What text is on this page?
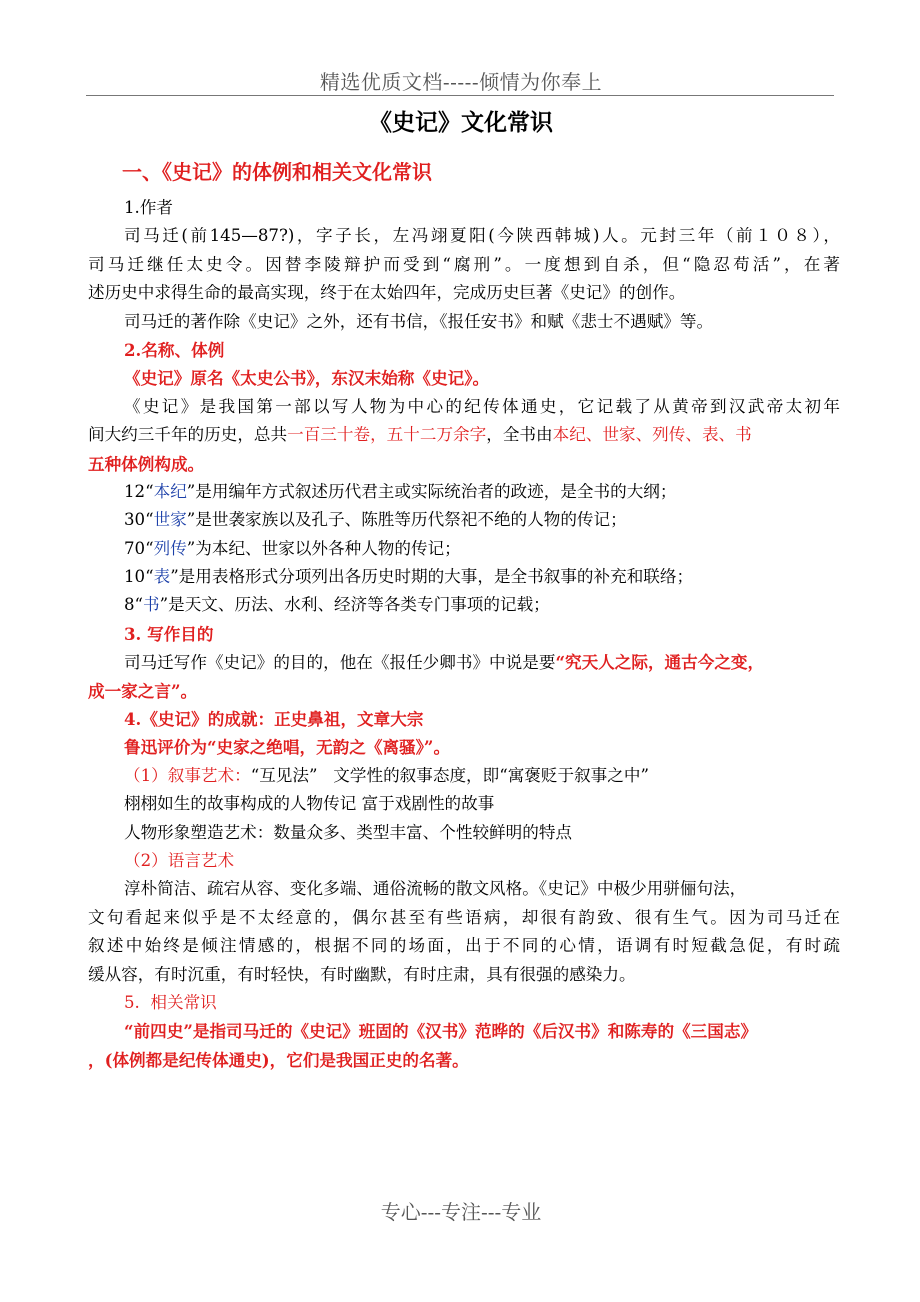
精选优质文档-----倾情为你奉上
《史记》文化常识
一、《史记》的体例和相关文化常识
1.作者
司马迁(前145—87?)，字子长，左冯翊夏阳(今陕西韩城)人。元封三年（前１０８），
司马迁继任太史令。因替李陵辩护而受到“腐刑”。一度想到自杀，但“隐忍苟活”，在著
述历史中求得生命的最高实现，终于在太始四年，完成历史巨著《史记》的创作。
司马迁的著作除《史记》之外，还有书信，《报任安书》和赋《悲士不遇赋》等。
2.名称、体例
《史记》原名《太史公书》，东汉末始称《史记》。
《史记》是我国第一部以写人物为中心的纪传体通史，它记载了从黄帝到汉武帝太初年
间大约三千年的历史，总共一百三十卷，五十二万余字，全书由本纪、世家、列传、表、书
五种体例构成。
12“本纪”是用编年方式叙述历代君主或实际统治者的政迹，是全书的大纲；
30“世家”是世袭家族以及孔子、陈胜等历代祭祀不绝的人物的传记；
70“列传”为本纪、世家以外各种人物的传记；
10“表”是用表格形式分项列出各历史时期的大事，是全书叙事的补充和联络；
8“书”是天文、历法、水利、经济等各类专门事项的记载；
3. 写作目的
司马迁写作《史记》的目的，他在《报任少卿书》中说是要“究天人之际，通古今之变，
成一家之言”。
4.《史记》的成就：正史鼻祖，文章大宗
鲁迅评价为“史家之绝唱，无韵之《离骚》”。
（1）叙事艺术：“互见法”   文学性的叙事态度，即“寓褒贬于叙事之中”
栩栩如生的故事构成的人物传记 富于戏剧性的故事
人物形象塑造艺术：数量众多、类型丰富、个性较鲜明的特点
（2）语言艺术
淳朴简洁、疏宕从容、变化多端、通俗流畅的散文风格。《史记》中极少用骈俪句法，
文句看起来似乎是不太经意的，偶尔甚至有些语病，却很有韵致、很有生气。因为司马迁在
叙述中始终是倾注情感的，根据不同的场面，出于不同的心情，语调有时短截急促，有时疏
缓从容，有时沉重，有时轻快，有时幽默，有时庄肃，具有很强的感染力。
5.  相关常识
“前四史”是指司马迁的《史记》班固的《汉书》范晔的《后汉书》和陈寿的《三国志》
，(体例都是纪传体通史)，它们是我国正史的名著。
专心---专注---专业
